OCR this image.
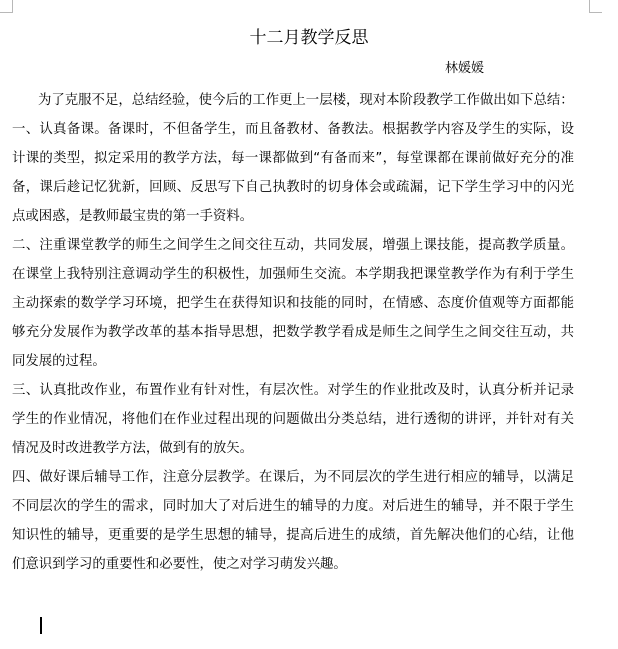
十二月教学反思

林媛媛

为了克服不足，总结经验，使今后的工作更上一层楼，现对本阶段教学工作做出如下总结：

一、认真备课。备课时，不但备学生，而且备教材、备教法。根据教学内容及学生的实际，设计课的类型，拟定采用的教学方法，每一课都做到“有备而来”，每堂课都在课前做好充分的准备，课后趁记忆犹新，回顾、反思写下自己执教时的切身体会或疏漏，记下学生学习中的闪光点或困惑，是教师最宝贵的第一手资料。

二、注重课堂教学的师生之间学生之间交往互动，共同发展，增强上课技能，提高教学质量。在课堂上我特别注意调动学生的积极性，加强师生交流。本学期我把课堂教学作为有利于学生主动探索的数学学习环境，把学生在获得知识和技能的同时，在情感、态度价值观等方面都能够充分发展作为教学改革的基本指导思想，把数学教学看成是师生之间学生之间交往互动，共同发展的过程。

三、认真批改作业，布置作业有针对性，有层次性。对学生的作业批改及时，认真分析并记录学生的作业情况，将他们在作业过程出现的问题做出分类总结，进行透彻的讲评，并针对有关情况及时改进教学方法，做到有的放矢。

四、做好课后辅导工作，注意分层教学。在课后，为不同层次的学生进行相应的辅导，以满足不同层次的学生的需求，同时加大了对后进生的辅导的力度。对后进生的辅导，并不限于学生知识性的辅导，更重要的是学生思想的辅导，提高后进生的成绩，首先解决他们的心结，让他们意识到学习的重要性和必要性，使之对学习萌发兴趣。
